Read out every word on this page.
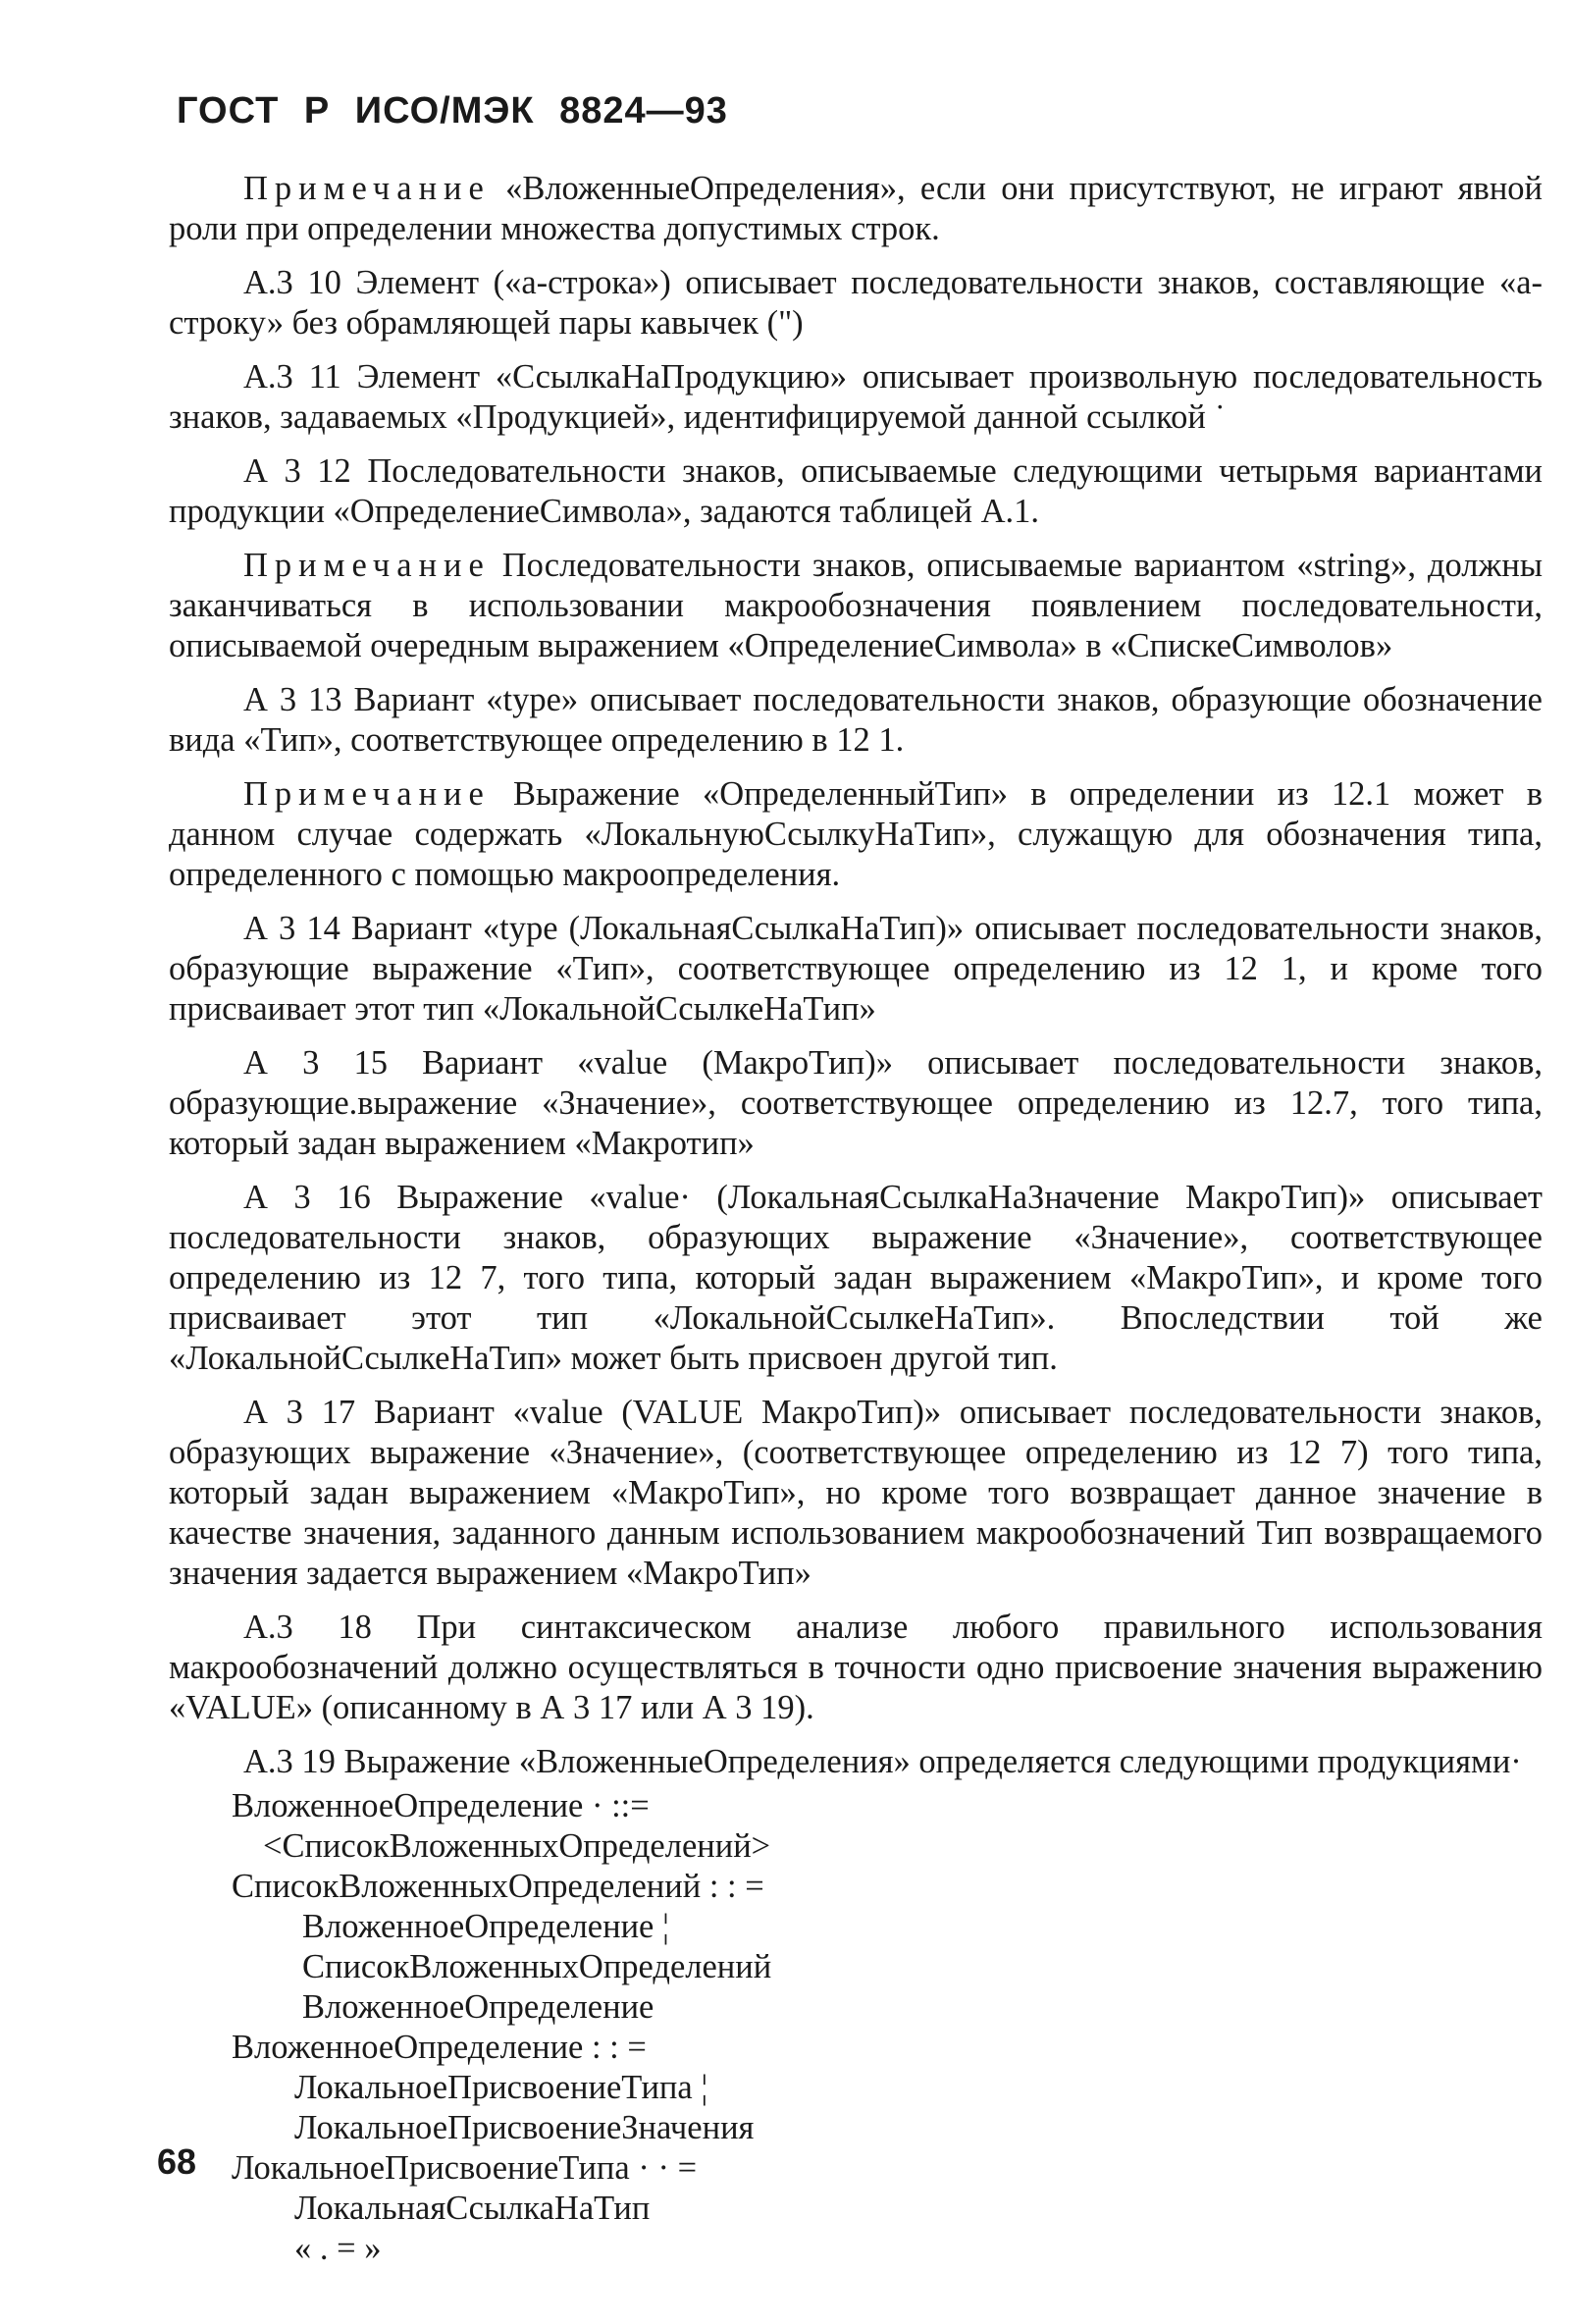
ГОСТ Р ИСО/МЭК 8824—93

Примечание «ВложенныеОпределения», если они присутствуют, не играют явной роли при определении множества допустимых строк.

А.3 10 Элемент («а-строка») описывает последовательности знаков, составляющие «а-строку» без обрамляющей пары кавычек (")

А.3 11 Элемент «СсылкаНаПродукцию» описывает произвольную последовательность знаков, задаваемых «Продукцией», идентифицируемой данной ссылкой ˙

А 3 12 Последовательности знаков, описываемые следующими четырьмя вариантами продукции «ОпределениеСимвола», задаются таблицей А.1.

Примечание Последовательности знаков, описываемые вариантом «string», должны заканчиваться в использовании макрообозначения появлением последовательности, описываемой очередным выражением «ОпределениеСимвола» в «СпискеСимволов»

А 3 13 Вариант «type» описывает последовательности знаков, образующие обозначение вида «Тип», соответствующее определению в 12 1.

Примечание Выражение «ОпределенныйТип» в определении из 12.1 может в данном случае содержать «ЛокальнуюСсылкуНаТип», служащую для обозначения типа, определенного с помощью макроопределения.

А 3 14 Вариант «type (ЛокальнаяСсылкаНаТип)» описывает последовательности знаков, образующие выражение «Тип», соответствующее определению из 12 1, и кроме того присваивает этот тип «ЛокальнойСсылкеНаТип»

А 3 15 Вариант «value (МакроТип)» описывает последовательности знаков, образующие.выражение «Значение», соответствующее определению из 12.7, того типа, который задан выражением «Макротип»

А 3 16 Выражение «value· (ЛокальнаяСсылкаНаЗначение МакроТип)» описывает последовательности знаков, образующих выражение «Значение», соответствующее определению из 12 7, того типа, который задан выражением «МакроТип», и кроме того присваивает этот тип «ЛокальнойСсылкеНаТип». Впоследствии той же «ЛокальнойСсылкеНаТип» может быть присвоен другой тип.

А 3 17 Вариант «value (VALUE МакроТип)» описывает последовательности знаков, образующих выражение «Значение», (соответствующее определению из 12 7) того типа, который задан выражением «МакроТип», но кроме того возвращает данное значение в качестве значения, заданного данным использованием макрообозначений Тип возвращаемого значения задается выражением «МакроТип»

А.3 18 При синтаксическом анализе любого правильного использования макрообозначений должно осуществляться в точности одно присвоение значения выражению «VALUE» (описанному в А 3 17 или А 3 19).

А.3 19 Выражение «ВложенныеОпределения» определяется следующими продукциями·

ВложенноеОпределение · ::=
<СписокВложенныхОпределений>
СписокВложенныхОпределений : : =
ВложенноеОпределение ¦
СписокВложенныхОпределений
ВложенноеОпределение
ВложенноеОпределение : : =
ЛокальноеПрисвоениеТипа ¦
ЛокальноеПрисвоениеЗначения
ЛокальноеПрисвоениеТипа · · =
ЛокальнаяСсылкаНаТип
« . = »
68
